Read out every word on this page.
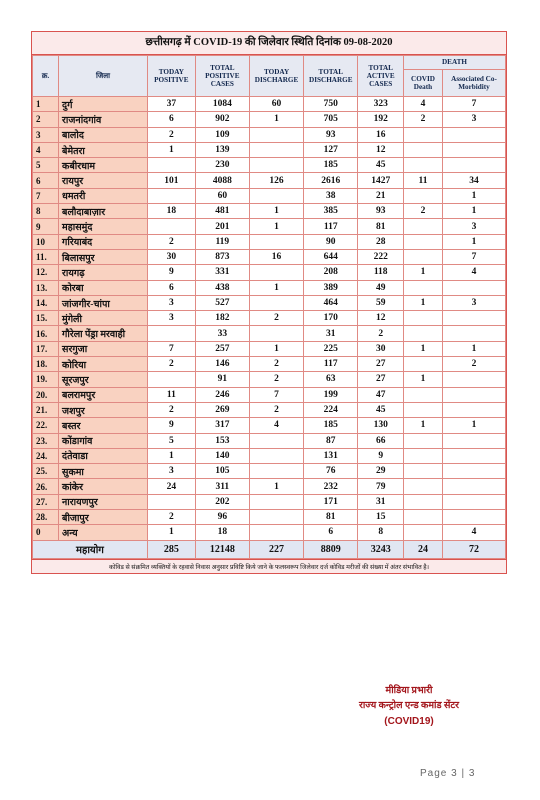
छत्तीसगढ़ में COVID-19 की जिलेवार स्थिति दिनांक 09-08-2020
क्र.	जिला	TODAY POSITIVE	TOTAL POSITIVE CASES	TODAY DISCHARGE	TOTAL DISCHARGE	TOTAL ACTIVE CASES	DEATH	
							COVID Death	Associated Co-Morbidity
1	दुर्ग	37	1084	60	750	323	4	7
2	राजनांदगांव	6	902	1	705	192	2	3
3	बालोद	2	109		93	16		
4	बेमेतरा	1	139		127	12		
5	कबीरधाम		230		185	45		
6	रायपुर	101	4088	126	2616	1427	11	34
7	धमतरी		60		38	21		1
8	बलौदाबाज़ार	18	481	1	385	93	2	1
9	महासमुंद		201	1	117	81		3
10	गरियाबंद	2	119		90	28		1
11.	बिलासपुर	30	873	16	644	222		7
12.	रायगढ़	9	331		208	118	1	4
13.	कोरबा	6	438	1	389	49		
14.	जांजगीर-चांपा	3	527		464	59	1	3
15.	मुंगेली	3	182	2	170	12		
16.	गौरेला पेंड्रा मरवाही		33		31	2		
17.	सरगुजा	7	257	1	225	30	1	1
18.	कोरिया	2	146	2	117	27		2
19.	सूरजपुर		91	2	63	27	1	
20.	बलरामपुर	11	246	7	199	47		
21.	जशपुर	2	269	2	224	45		
22.	बस्तर	9	317	4	185	130	1	1
23.	कोंडागांव	5	153		87	66		
24.	दंतेवाडा	1	140		131	9		
25.	सुकमा	3	105		76	29		
26.	कांकेर	24	311	1	232	79		
27.	नारायणपुर		202		171	31		
28.	बीजापुर	2	96		81	15		
0	अन्य	1	18		6	8		4
महायोग		285	12148	227	8809	3243	24	72
कोविड से संक्रमित व्यक्तियों के रहवासे निवास अनुसार प्रविष्टि किये जाने के फलस्वरूप जिलेवार दर्ज कोविड मरीजों की संख्या में अंतर संभावित है।
मीडिया प्रभारी
राज्य कन्ट्रोल एन्ड कमांड सेंटर
(COVID19)
Page 3 | 3
